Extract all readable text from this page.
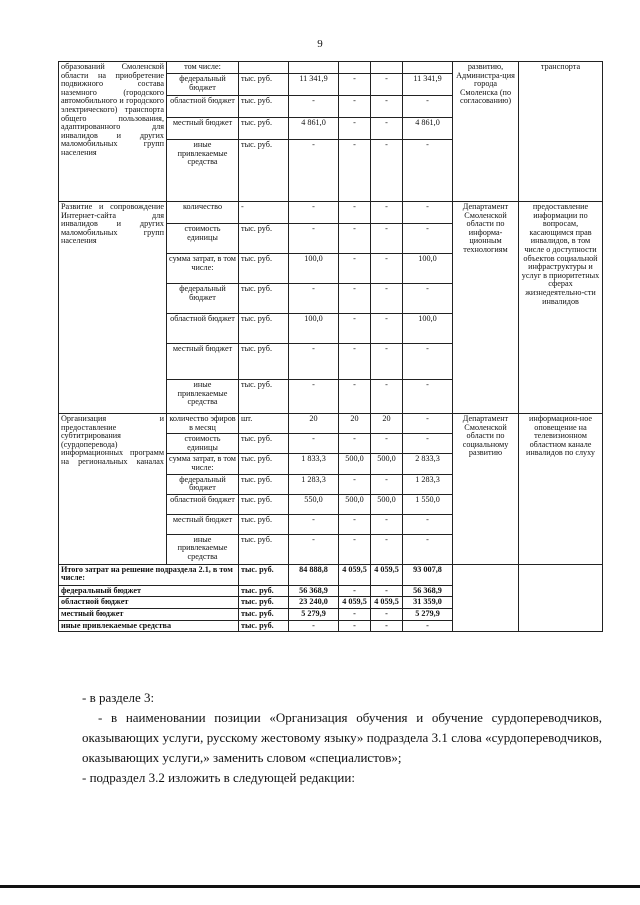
9
образований Смоленской области на приобретение подвижного состава наземного (городского автомобильного и городского электрического) транспорта общего пользования, адаптированного для инвалидов и других маломобильных групп населения	том числе:						развитию, Администра-ция города Смоленска (по согласованию)	транспорта
	федеральный бюджет	тыс. руб.	11 341,9	-	-	11 341,9		
	областной бюджет	тыс. руб.	-	-	-	-		
	местный бюджет	тыс. руб.	4 861,0	-	-	4 861,0		
	иные привлекаемые средства	тыс. руб.	-	-	-	-		
Развитие и сопровождение Интернет-сайта для инвалидов и других маломобильных групп населения	количество	-	-	-	-	-	Департамент Смоленской области по информа-ционным технологиям	предоставление информации по вопросам, касающимся прав инвалидов, в том числе о доступности объектов социальной инфраструктуры и услуг в приоритетных сферах жизнедеятельно-сти инвалидов
	стоимость единицы	тыс. руб.	-	-	-	-		
	сумма затрат, в том числе:	тыс. руб.	100,0	-	-	100,0		
	федеральный бюджет	тыс. руб.	-	-	-	-		
	областной бюджет	тыс. руб.	100,0	-	-	100,0		
	местный бюджет	тыс. руб.	-	-	-	-		
	иные привлекаемые средства	тыс. руб.	-	-	-	-		
Организация и предоставление субтитрирования (сурдоперевода) информационных программ на региональных каналах	количество эфиров в месяц	шт.	20	20	20	-	Департамент Смоленской области по социальному развитию	информацион-ное оповещение на телевизионном областном канале инвалидов по слуху
	стоимость единицы	тыс. руб.	-	-	-	-		
	сумма затрат, в том числе:	тыс. руб.	1 833,3	500,0	500,0	2 833,3		
	федеральный бюджет	тыс. руб.	1 283,3	-	-	1 283,3		
	областной бюджет	тыс. руб.	550,0	500,0	500,0	1 550,0		
	местный бюджет	тыс. руб.	-	-	-	-		
	иные привлекаемые средства	тыс. руб.	-	-	-	-		
Итого затрат на решение подраздела 2.1, в том числе:		тыс. руб.	84 888,8	4 059,5	4 059,5	93 007,8		
федеральный бюджет		тыс. руб.	56 368,9	-	-	56 368,9		
областной бюджет		тыс. руб.	23 240,0	4 059,5	4 059,5	31 359,0		
местный бюджет		тыс. руб.	5 279,9	-	-	5 279,9		
иные привлекаемые средства		тыс. руб.	-	-	-	-		
- в разделе 3:
- в наименовании позиции «Организация обучения и обучение сурдопереводчиков, оказывающих услуги, русскому жестовому языку» подраздела 3.1 слова «сурдопереводчиков, оказывающих услуги,» заменить словом «специалистов»;
- подраздел 3.2 изложить в следующей редакции:
